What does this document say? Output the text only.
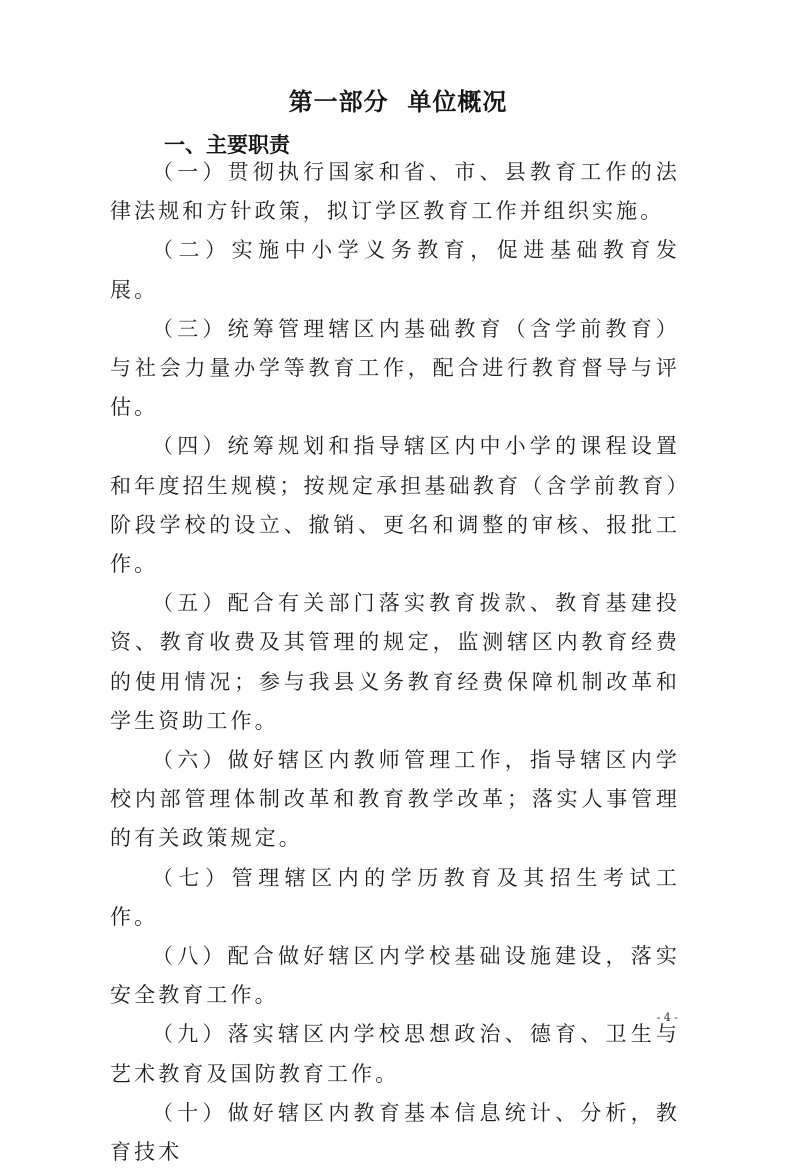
第一部分  单位概况
一、主要职责

（一）贯彻执行国家和省、市、县教育工作的法律法规和方针政策，拟订学区教育工作并组织实施。

（二）实施中小学义务教育，促进基础教育发展。

（三）统筹管理辖区内基础教育（含学前教育）与社会力量办学等教育工作，配合进行教育督导与评估。

（四）统筹规划和指导辖区内中小学的课程设置和年度招生规模；按规定承担基础教育（含学前教育）阶段学校的设立、撤销、更名和调整的审核、报批工作。

（五）配合有关部门落实教育拨款、教育基建投资、教育收费及其管理的规定，监测辖区内教育经费的使用情况；参与我县义务教育经费保障机制改革和学生资助工作。

（六）做好辖区内教师管理工作，指导辖区内学校内部管理体制改革和教育教学改革；落实人事管理的有关政策规定。

（七）管理辖区内的学历教育及其招生考试工作。

（八）配合做好辖区内学校基础设施建设，落实安全教育工作。

（九）落实辖区内学校思想政治、德育、卫生与艺术教育及国防教育工作。

（十）做好辖区内教育基本信息统计、分析，教育技术

- 4 -
